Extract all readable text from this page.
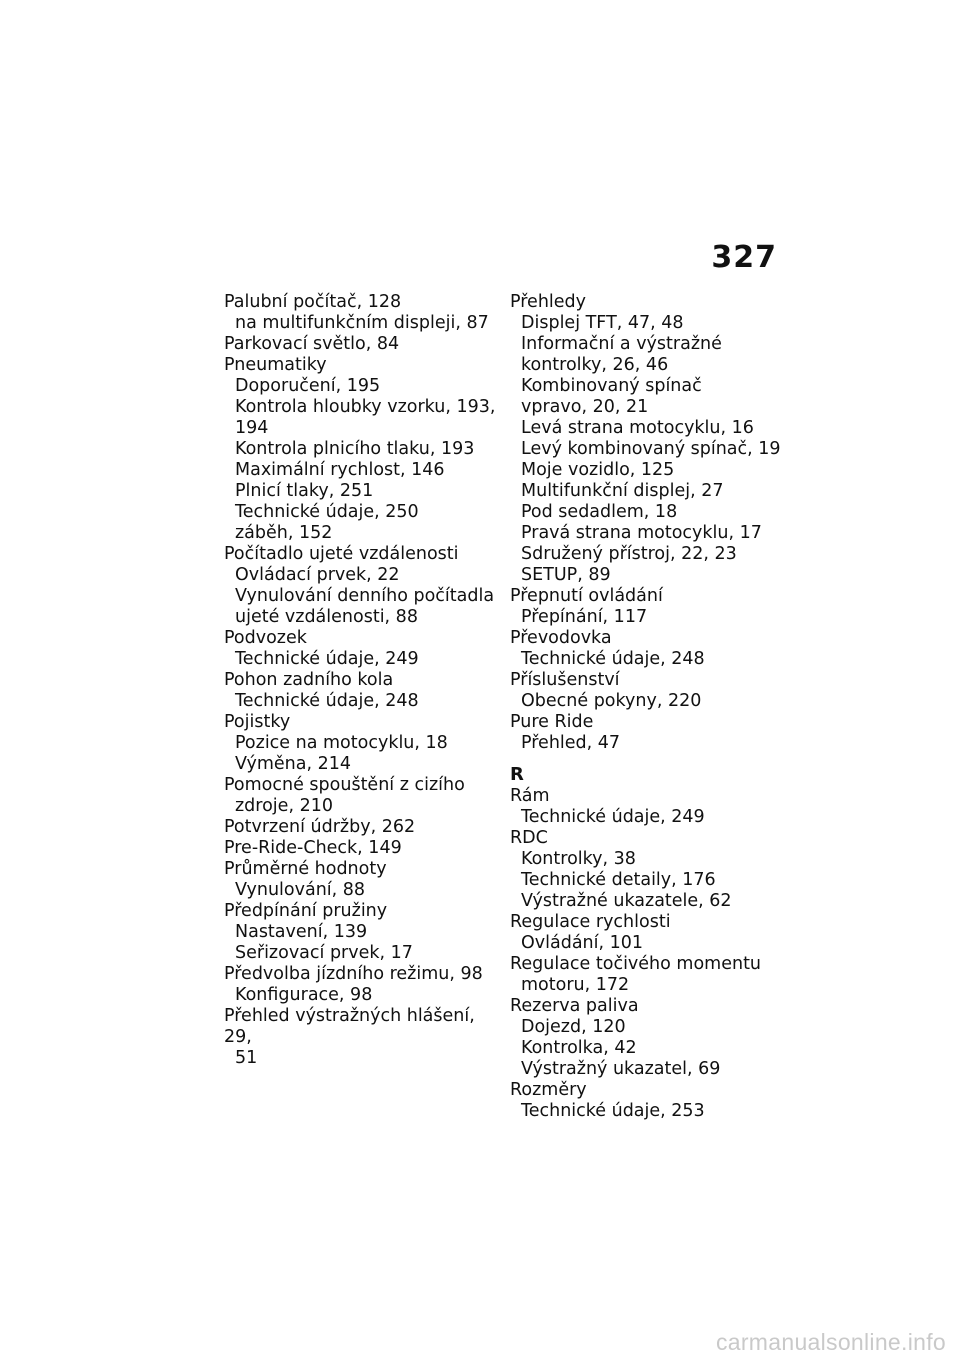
327
Palubní počítač, 128
na multifunkčním displeji, 87
Parkovací světlo, 84
Pneumatiky
Doporučení, 195
Kontrola hloubky vzorku, 193,
194
Kontrola plnicího tlaku, 193
Maximální rychlost, 146
Plnicí tlaky, 251
Technické údaje, 250
záběh, 152
Počítadlo ujeté vzdálenosti
Ovládací prvek, 22
Vynulování denního počítadla
ujeté vzdálenosti, 88
Podvozek
Technické údaje, 249
Pohon zadního kola
Technické údaje, 248
Pojistky
Pozice na motocyklu, 18
Výměna, 214
Pomocné spouštění z cizího
zdroje, 210
Potvrzení údržby, 262
Pre-Ride-Check, 149
Průměrné hodnoty
Vynulování, 88
Předpínání pružiny
Nastavení, 139
Seřizovací prvek, 17
Předvolba jízdního režimu, 98
Konfigurace, 98
Přehled výstražných hlášení, 29,
51
Přehledy
Displej TFT, 47, 48
Informační a výstražné
kontrolky, 26, 46
Kombinovaný spínač
vpravo, 20, 21
Levá strana motocyklu, 16
Levý kombinovaný spínač, 19
Moje vozidlo, 125
Multifunkční displej, 27
Pod sedadlem, 18
Pravá strana motocyklu, 17
Sdružený přístroj, 22, 23
SETUP, 89
Přepnutí ovládání
Přepínání, 117
Převodovka
Technické údaje, 248
Příslušenství
Obecné pokyny, 220
Pure Ride
Přehled, 47
R
Rám
Technické údaje, 249
RDC
Kontrolky, 38
Technické detaily, 176
Výstražné ukazatele, 62
Regulace rychlosti
Ovládání, 101
Regulace točivého momentu
motoru, 172
Rezerva paliva
Dojezd, 120
Kontrolka, 42
Výstražný ukazatel, 69
Rozměry
Technické údaje, 253
carmanualsonline.info
